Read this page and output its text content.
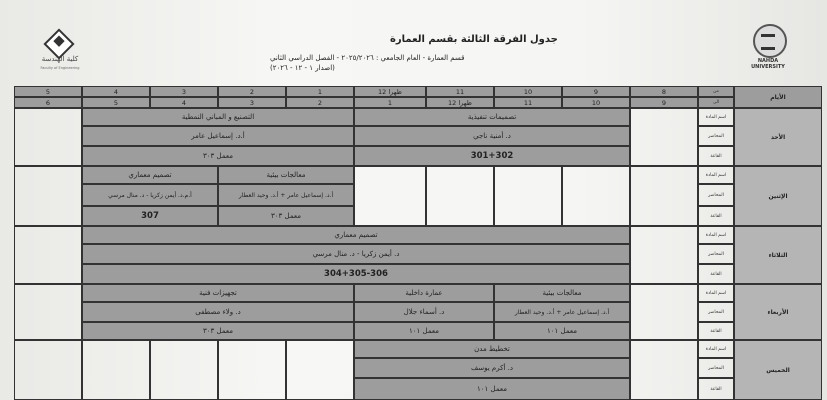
كلية الهندسة
Faculty of Engineering
NAHDA UNIVERSITY
جدول الفرقة الثالثة بقسم العمارة
قسم العمارة - العام الجامعي : ٢٠٢٥/٢٠٢٦ - الفصل الدراسي الثاني
(اصدار ١ - ١٢ - ٢٠٢٦)
الأيام
من
الى
8
9
10
11
ظهرا 12
1
2
3
4
5
9
10
11
ظهرا 12
1
2
3
4
5
6
الأحد
اسم المادة
المحاضر
القاعة
تصميمات تنفيذية
د. أمنية ناجي
301+302
التصنيع و المباني النمطية
أ.د. إسماعيل عامر
معمل ٣٠٣
الإثنين
اسم المادة
المحاضر
القاعة
معالجات بيئية
أ.د. إسماعيل عامر + أ.د. وحيد العطار
معمل ٣٠٣
تصميم معماري
أ.م.د. أيمن زكريا - د. منال مرسي
307
الثلاثاء
اسم المادة
المحاضر
القاعة
تصميم معماري
د. أيمن زكريا - د. منال مرسي
304+305-306
الأربعاء
اسم المادة
المحاضر
القاعة
معالجات بيئية
أ.د. إسماعيل عامر + أ.د. وحيد العطار
معمل ١٠١
عمارة داخلية
د. أسماء جلال
معمل ١٠١
تجهيزات فنية
د. ولاء مصطفى
معمل ٣٠٣
الخميس
اسم المادة
المحاضر
القاعة
تخطيط مدن
د. أكرم يوسف
معمل ١٠١
